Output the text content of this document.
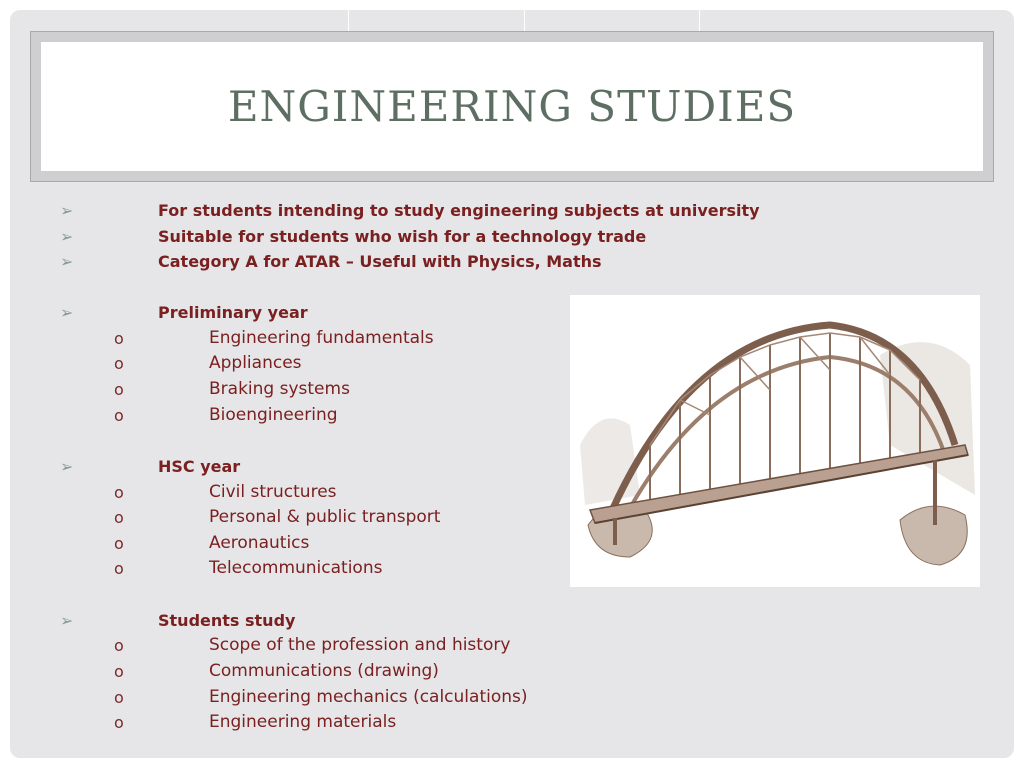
ENGINEERING STUDIES
➢	For students intending to study engineering subjects at university
➢	Suitable for students who wish for a technology trade
➢	Category A for ATAR – Useful with Physics, Maths
➢	Preliminary year
o	Engineering fundamentals
o	Appliances
o	Braking systems
o	Bioengineering
➢	HSC year
o	Civil structures
o	Personal & public transport
o	Aeronautics
o	Telecommunications
➢	Students study
o	Scope of the profession and history
o	Communications (drawing)
o	Engineering mechanics (calculations)
o	Engineering materials
